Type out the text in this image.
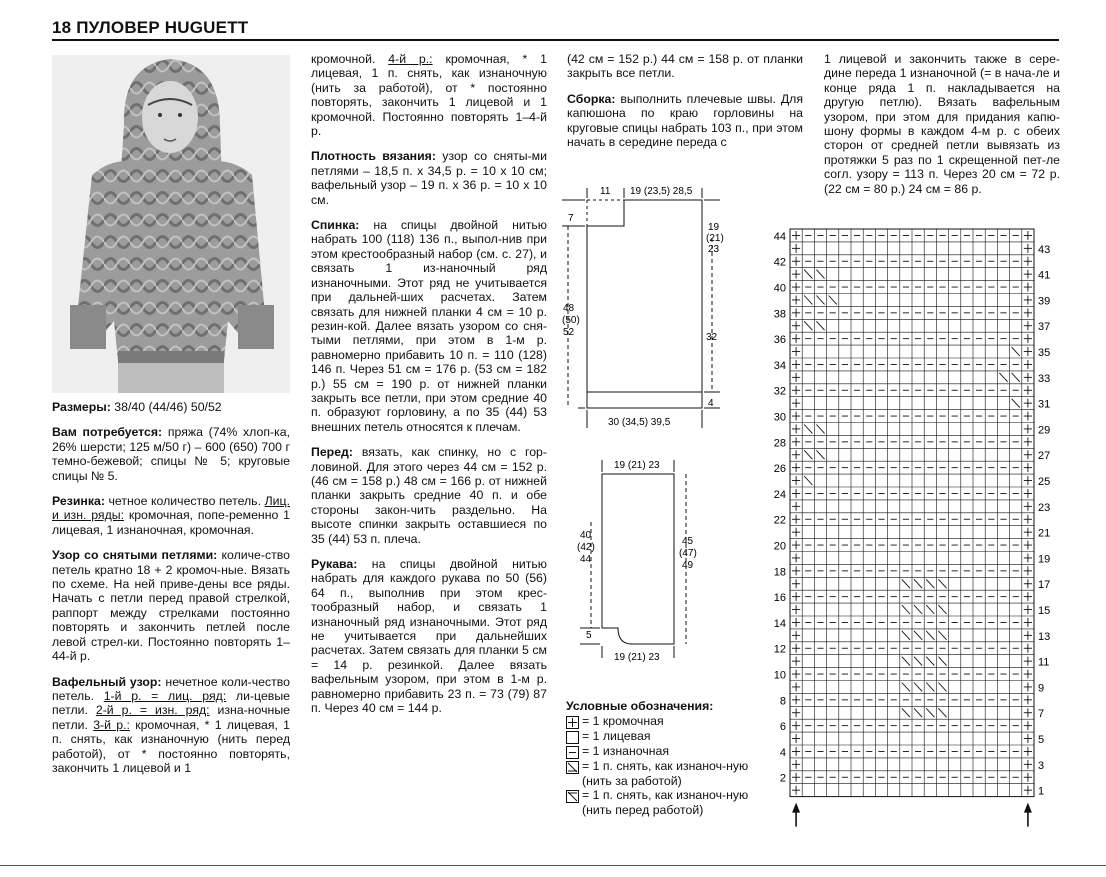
18 ПУЛОВЕР HUGUETT

Размеры: 38/40 (44/46) 50/52

Вам потребуется: пряжа (74% хлоп-ка, 26% шерсти; 125 м/50 г) – 600 (650) 700 г темно-бежевой; спицы № 5; круговые спицы № 5.

Резинка: четное количество петель. Лиц. и изн. ряды: кромочная, попе-ременно 1 лицевая, 1 изнаночная, кромочная.

Узор со снятыми петлями: количе-ство петель кратно 18 + 2 кромоч-ные. Вязать по схеме. На ней приве-дены все ряды. Начать с петли перед правой стрелкой, раппорт между стрелками постоянно повторять и закончить петлей после левой стрел-ки. Постоянно повторять 1–44-й р.

Вафельный узор: нечетное коли-чество петель. 1-й р. = лиц. ряд: ли-цевые петли. 2-й р. = изн. ряд: изна-ночные петли. 3-й р.: кромочная, * 1 лицевая, 1 п. снять, как изнаночную (нить перед работой), от * постоянно повторять, закончить 1 лицевой и 1

кромочной. 4-й р.: кромочная, * 1 лицевая, 1 п. снять, как изнаночную (нить за работой), от * постоянно повторять, закончить 1 лицевой и 1 кромочной. Постоянно повторять 1–4-й р.

Плотность вязания: узор со сняты-ми петлями – 18,5 п. х 34,5 р. = 10 х 10 см; вафельный узор – 19 п. х 36 р. = 10 х 10 см.

Спинка: на спицы двойной нитью набрать 100 (118) 136 п., выпол-нив при этом крестообразный набор (см. с. 27), и связать 1 из-наночный ряд изнаночными. Этот ряд не учитывается при дальней-ших расчетах. Затем связать для нижней планки 4 см = 10 р. резин-кой. Далее вязать узором со сня-тыми петлями, при этом в 1-м р. равномерно прибавить 10 п. = 110 (128) 146 п. Через 51 см = 176 р. (53 см = 182 р.) 55 см = 190 р. от нижней планки закрыть все петли, при этом средние 40 п. образуют горловину, а по 35 (44) 53 внешних петель относятся к плечам.

Перед: вязать, как спинку, но с гор-ловиной. Для этого через 44 см = 152 р. (46 см = 158 р.) 48 см = 166 р. от нижней планки закрыть средние 40 п. и обе стороны закон-чить раздельно. На высоте спинки закрыть оставшиеся по 35 (44) 53 п. плеча.

Рукава: на спицы двойной нитью набрать для каждого рукава по 50 (56) 64 п., выполнив при этом крес-тообразный набор, и связать 1 изнаночный ряд изнаночными. Этот ряд не учитывается при дальнейших расчетах. Затем связать для планки 5 см = 14 р. резинкой. Далее вязать вафельным узором, при этом в 1-м р. равномерно прибавить 23 п. = 73 (79) 87 п. Через 40 см = 144 р.

(42 см = 152 р.) 44 см = 158 р. от планки закрыть все петли.

Сборка: выполнить плечевые швы. Для капюшона по краю горловины на круговые спицы набрать 103 п., при этом начать в середине переда с

1 лицевой и закончить также в сере-дине переда 1 изнаночной (= в нача-ле и конце ряда 1 п. накладывается на другую петлю). Вязать вафельным узором, при этом для придания капю-шону формы в каждом 4-м р. с обеих сторон от средней петли вывязать из протяжки 5 раз по 1 скрещенной пет-ле согл. узору = 113 п. Через 20 см = 72 р. (22 см = 80 р.) 24 см = 86 р.

11 19 (23,5) 28,5
7
48
(50)
52
19
(21)
23
32
4
30 (34,5) 39,5
19 (21) 23
40
(42)
44
45
(47)
49
5
19 (21) 23
Условные обозначения:
= 1 кромочная
= 1 лицевая
= 1 изнаночная
= 1 п. снять, как изнаноч-ную (нить за работой)
= 1 п. снять, как изнаноч-ную (нить перед работой)
44
42
40
38
36
34
32
30
28
26
24
22
20
18
16
14
12
10
8
6
4
2
43
41
39
37
35
33
31
29
27
25
23
21
19
17
15
13
11
9
7
5
3
1
